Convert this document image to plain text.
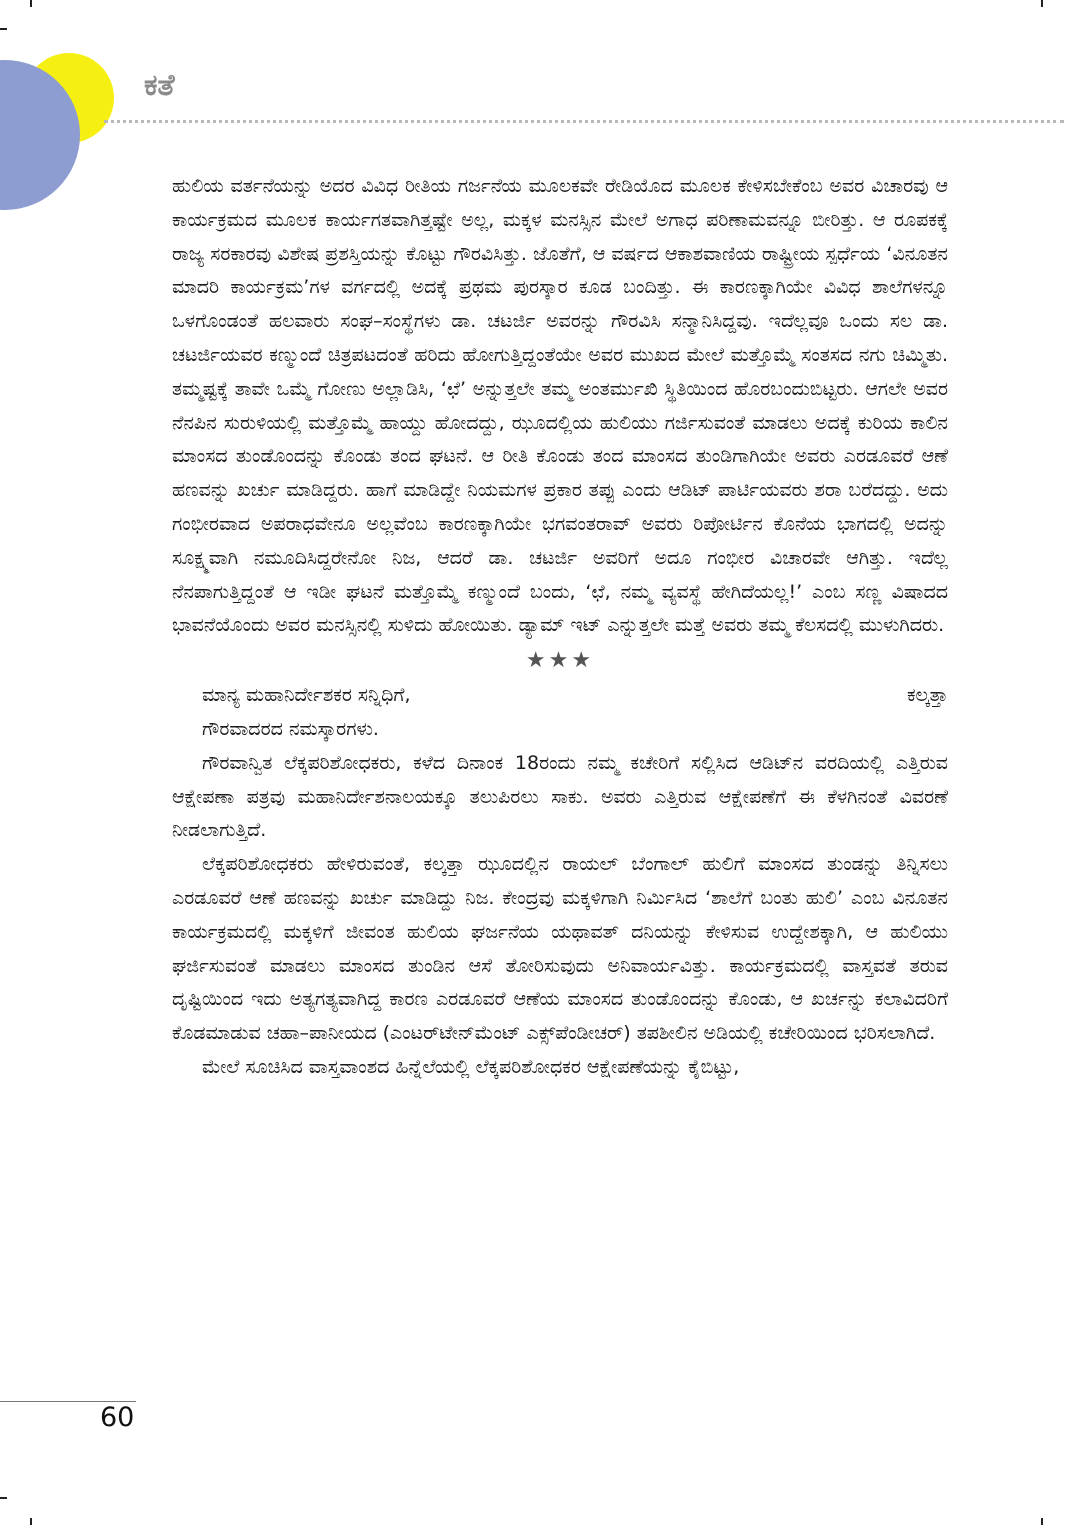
ಕತೆ

ಹುಲಿಯ ವರ್ತನೆಯನ್ನು ಅದರ ವಿವಿಧ ರೀತಿಯ ಗರ್ಜನೆಯ ಮೂಲಕವೇ ರೇಡಿಯೊದ ಮೂಲಕ ಕೇಳಿಸಬೇಕೆಂಬ ಅವರ ವಿಚಾರವು ಆ ಕಾರ್ಯಕ್ರಮದ ಮೂಲಕ ಕಾರ್ಯಗತವಾಗಿತ್ತಷ್ಟೇ ಅಲ್ಲ, ಮಕ್ಕಳ ಮನಸ್ಸಿನ ಮೇಲೆ ಅಗಾಧ ಪರಿಣಾಮವನ್ನೂ ಬೀರಿತ್ತು. ಆ ರೂಪಕಕ್ಕೆ ರಾಜ್ಯ ಸರಕಾರವು ವಿಶೇಷ ಪ್ರಶಸ್ತಿಯನ್ನು ಕೊಟ್ಟು ಗೌರವಿಸಿತ್ತು. ಜೊತೆಗೆ, ಆ ವರ್ಷದ ಆಕಾಶವಾಣಿಯ ರಾಷ್ಟ್ರೀಯ ಸ್ಪರ್ಧೆಯ ‘ವಿನೂತನ ಮಾದರಿ ಕಾರ್ಯಕ್ರಮ’ಗಳ ವರ್ಗದಲ್ಲಿ ಅದಕ್ಕೆ ಪ್ರಥಮ ಪುರಸ್ಕಾರ ಕೂಡ ಬಂದಿತ್ತು. ಈ ಕಾರಣಕ್ಕಾಗಿಯೇ ವಿವಿಧ ಶಾಲೆಗಳನ್ನೂ ಒಳಗೊಂಡಂತೆ ಹಲವಾರು ಸಂಘ–ಸಂಸ್ಥೆಗಳು ಡಾ. ಚಟರ್ಜಿ ಅವರನ್ನು ಗೌರವಿಸಿ ಸನ್ಮಾನಿಸಿದ್ದವು. ಇದೆಲ್ಲವೂ ಒಂದು ಸಲ ಡಾ. ಚಟರ್ಜಿಯವರ ಕಣ್ಮುಂದೆ ಚಿತ್ರಪಟದಂತೆ ಹರಿದು ಹೋಗುತ್ತಿದ್ದಂತೆಯೇ ಅವರ ಮುಖದ ಮೇಲೆ ಮತ್ತೊಮ್ಮೆ ಸಂತಸದ ನಗು ಚಿಮ್ಮಿತು. ತಮ್ಮಷ್ಟಕ್ಕೆ ತಾವೇ ಒಮ್ಮೆ ಗೋಣು ಅಲ್ಲಾಡಿಸಿ, ‘ಛೆ’ ಅನ್ನುತ್ತಲೇ ತಮ್ಮ ಅಂತರ್ಮುಖಿ ಸ್ಥಿತಿಯಿಂದ ಹೊರಬಂದುಬಿಟ್ಟರು. ಆಗಲೇ ಅವರ ನೆನಪಿನ ಸುರುಳಿಯಲ್ಲಿ ಮತ್ತೊಮ್ಮೆ ಹಾಯ್ದು ಹೋದದ್ದು, ಝೂದಲ್ಲಿಯ ಹುಲಿಯು ಗರ್ಜಿಸುವಂತೆ ಮಾಡಲು ಅದಕ್ಕೆ ಕುರಿಯ ಕಾಲಿನ ಮಾಂಸದ ತುಂಡೊಂದನ್ನು ಕೊಂಡು ತಂದ ಘಟನೆ. ಆ ರೀತಿ ಕೊಂಡು ತಂದ ಮಾಂಸದ ತುಂಡಿಗಾಗಿಯೇ ಅವರು ಎರಡೂವರೆ ಆಣೆ ಹಣವನ್ನು ಖರ್ಚು ಮಾಡಿದ್ದರು. ಹಾಗೆ ಮಾಡಿದ್ದೇ ನಿಯಮಗಳ ಪ್ರಕಾರ ತಪ್ಪು ಎಂದು ಆಡಿಟ್ ಪಾರ್ಟಿಯವರು ಶರಾ ಬರೆದದ್ದು. ಅದು ಗಂಭೀರವಾದ ಅಪರಾಧವೇನೂ ಅಲ್ಲವೆಂಬ ಕಾರಣಕ್ಕಾಗಿಯೇ ಭಗವಂತರಾವ್ ಅವರು ರಿಪೋರ್ಟಿನ ಕೊನೆಯ ಭಾಗದಲ್ಲಿ ಅದನ್ನು ಸೂಕ್ಷ್ಮವಾಗಿ ನಮೂದಿಸಿದ್ದರೇನೋ ನಿಜ, ಆದರೆ ಡಾ. ಚಟರ್ಜಿ ಅವರಿಗೆ ಅದೂ ಗಂಭೀರ ವಿಚಾರವೇ ಆಗಿತ್ತು. ಇದೆಲ್ಲ ನೆನಪಾಗುತ್ತಿದ್ದಂತೆ ಆ ಇಡೀ ಘಟನೆ ಮತ್ತೊಮ್ಮೆ ಕಣ್ಮುಂದೆ ಬಂದು, ‘ಛೆ, ನಮ್ಮ ವ್ಯವಸ್ಥೆ ಹೇಗಿದೆಯಲ್ಲ!’ ಎಂಬ ಸಣ್ಣ ವಿಷಾದದ ಭಾವನೆಯೊಂದು ಅವರ ಮನಸ್ಸಿನಲ್ಲಿ ಸುಳಿದು ಹೋಯಿತು. ಡ್ಯಾಮ್ ಇಟ್ ಎನ್ನುತ್ತಲೇ ಮತ್ತೆ ಅವರು ತಮ್ಮ ಕೆಲಸದಲ್ಲಿ ಮುಳುಗಿದರು.

★★★

ಮಾನ್ಯ ಮಹಾನಿರ್ದೇಶಕರ ಸನ್ನಿಧಿಗೆ,	ಕಲ್ಕತ್ತಾ

ಗೌರವಾದರದ ನಮಸ್ಕಾರಗಳು.

ಗೌರವಾನ್ವಿತ ಲೆಕ್ಕಪರಿಶೋಧಕರು, ಕಳೆದ ದಿನಾಂಕ 18ರಂದು ನಮ್ಮ ಕಚೇರಿಗೆ ಸಲ್ಲಿಸಿದ ಆಡಿಟ್‌ನ ವರದಿಯಲ್ಲಿ ಎತ್ತಿರುವ ಆಕ್ಷೇಪಣಾ ಪತ್ರವು ಮಹಾನಿರ್ದೇಶನಾಲಯಕ್ಕೂ ತಲುಪಿರಲು ಸಾಕು. ಅವರು ಎತ್ತಿರುವ ಆಕ್ಷೇಪಣೆಗೆ ಈ ಕೆಳಗಿನಂತೆ ವಿವರಣೆ ನೀಡಲಾಗುತ್ತಿದೆ.

ಲೆಕ್ಕಪರಿಶೋಧಕರು ಹೇಳಿರುವಂತೆ, ಕಲ್ಕತ್ತಾ ಝೂದಲ್ಲಿನ ರಾಯಲ್ ಬೆಂಗಾಲ್ ಹುಲಿಗೆ ಮಾಂಸದ ತುಂಡನ್ನು ತಿನ್ನಿಸಲು ಎರಡೂವರೆ ಆಣೆ ಹಣವನ್ನು ಖರ್ಚು ಮಾಡಿದ್ದು ನಿಜ. ಕೇಂದ್ರವು ಮಕ್ಕಳಿಗಾಗಿ ನಿರ್ಮಿಸಿದ ‘ಶಾಲೆಗೆ ಬಂತು ಹುಲಿ’ ಎಂಬ ವಿನೂತನ ಕಾರ್ಯಕ್ರಮದಲ್ಲಿ ಮಕ್ಕಳಿಗೆ ಜೀವಂತ ಹುಲಿಯ ಘರ್ಜನೆಯ ಯಥಾವತ್ ದನಿಯನ್ನು ಕೇಳಿಸುವ ಉದ್ದೇಶಕ್ಕಾಗಿ, ಆ ಹುಲಿಯು ಘರ್ಜಿಸುವಂತೆ ಮಾಡಲು ಮಾಂಸದ ತುಂಡಿನ ಆಸೆ ತೋರಿಸುವುದು ಅನಿವಾರ್ಯವಿತ್ತು. ಕಾರ್ಯಕ್ರಮದಲ್ಲಿ ವಾಸ್ತವತೆ ತರುವ ದೃಷ್ಟಿಯಿಂದ ಇದು ಅತ್ಯಗತ್ಯವಾಗಿದ್ದ ಕಾರಣ ಎರಡೂವರೆ ಆಣೆಯ ಮಾಂಸದ ತುಂಡೊಂದನ್ನು ಕೊಂಡು, ಆ ಖರ್ಚನ್ನು ಕಲಾವಿದರಿಗೆ ಕೊಡಮಾಡುವ ಚಹಾ–ಪಾನೀಯದ (ಎಂಟರ್‌ಟೇನ್‌ಮೆಂಟ್ ಎಕ್ಸ್‌ಪೆಂಡೀಚರ್) ತಪಶೀಲಿನ ಅಡಿಯಲ್ಲಿ ಕಚೇರಿಯಿಂದ ಭರಿಸಲಾಗಿದೆ.

ಮೇಲೆ ಸೂಚಿಸಿದ ವಾಸ್ತವಾಂಶದ ಹಿನ್ನೆಲೆಯಲ್ಲಿ ಲೆಕ್ಕಪರಿಶೋಧಕರ ಆಕ್ಷೇಪಣೆಯನ್ನು ಕೈಬಿಟ್ಟು,

60
